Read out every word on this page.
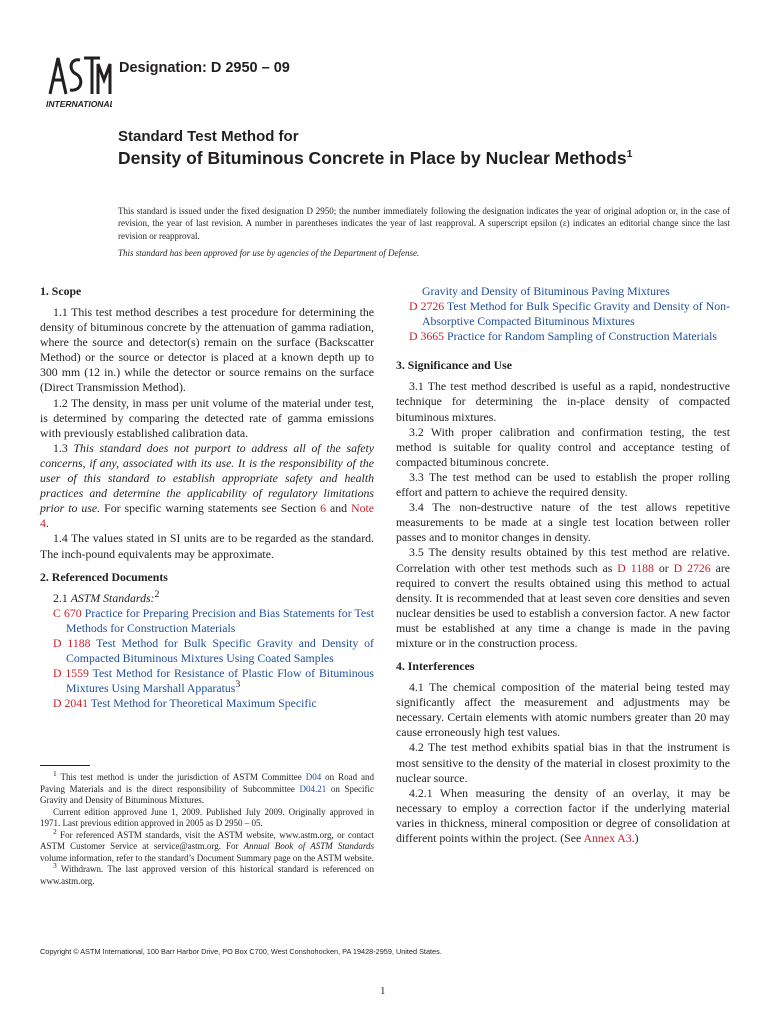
INTERNATIONAL
Designation: D 2950 – 09
Standard Test Method for
Density of Bituminous Concrete in Place by Nuclear Methods$^1$
This standard is issued under the fixed designation D 2950; the number immediately following the designation indicates the year of original adoption or, in the case of revision, the year of last revision. A number in parentheses indicates the year of last reapproval. A superscript epsilon (ε) indicates an editorial change since the last revision or reapproval.
This standard has been approved for use by agencies of the Department of Defense.
1. Scope

1.1 This test method describes a test procedure for determining the density of bituminous concrete by the attenuation of gamma radiation, where the source and detector(s) remain on the surface (Backscatter Method) or the source or detector is placed at a known depth up to 300 mm (12 in.) while the detector or source remains on the surface (Direct Transmission Method).

1.2 The density, in mass per unit volume of the material under test, is determined by comparing the detected rate of gamma emissions with previously established calibration data.

1.3 This standard does not purport to address all of the safety concerns, if any, associated with its use. It is the responsibility of the user of this standard to establish appropriate safety and health practices and determine the applicability of regulatory limitations prior to use. For specific warning statements see Section 6 and Note 4.

1.4 The values stated in SI units are to be regarded as the standard. The inch-pound equivalents may be approximate.

2. Referenced Documents

2.1 ASTM Standards:$^2$

C 670 Practice for Preparing Precision and Bias Statements for Test Methods for Construction Materials

D 1188 Test Method for Bulk Specific Gravity and Density of Compacted Bituminous Mixtures Using Coated Samples

D 1559 Test Method for Resistance of Plastic Flow of Bituminous Mixtures Using Marshall Apparatus$^3$

D 2041 Test Method for Theoretical Maximum Specific

$^1$ This test method is under the jurisdiction of ASTM Committee D04 on Road and Paving Materials and is the direct responsibility of Subcommittee D04.21 on Specific Gravity and Density of Bituminous Mixtures.

Current edition approved June 1, 2009. Published July 2009. Originally approved in 1971. Last previous edition approved in 2005 as D 2950 – 05.

$^2$ For referenced ASTM standards, visit the ASTM website, www.astm.org, or contact ASTM Customer Service at service@astm.org. For Annual Book of ASTM Standards volume information, refer to the standard’s Document Summary page on the ASTM website.

$^3$ Withdrawn. The last approved version of this historical standard is referenced on www.astm.org.

Gravity and Density of Bituminous Paving Mixtures

D 2726 Test Method for Bulk Specific Gravity and Density of Non-Absorptive Compacted Bituminous Mixtures

D 3665 Practice for Random Sampling of Construction Materials

3. Significance and Use

3.1 The test method described is useful as a rapid, nondestructive technique for determining the in-place density of compacted bituminous mixtures.

3.2 With proper calibration and confirmation testing, the test method is suitable for quality control and acceptance testing of compacted bituminous concrete.

3.3 The test method can be used to establish the proper rolling effort and pattern to achieve the required density.

3.4 The non-destructive nature of the test allows repetitive measurements to be made at a single test location between roller passes and to monitor changes in density.

3.5 The density results obtained by this test method are relative. Correlation with other test methods such as D 1188 or D 2726 are required to convert the results obtained using this method to actual density. It is recommended that at least seven core densities and seven nuclear densities be used to establish a conversion factor. A new factor must be established at any time a change is made in the paving mixture or in the construction process.

4. Interferences

4.1 The chemical composition of the material being tested may significantly affect the measurement and adjustments may be necessary. Certain elements with atomic numbers greater than 20 may cause erroneously high test values.

4.2 The test method exhibits spatial bias in that the instrument is most sensitive to the density of the material in closest proximity to the nuclear source.

4.2.1 When measuring the density of an overlay, it may be necessary to employ a correction factor if the underlying material varies in thickness, mineral composition or degree of consolidation at different points within the project. (See Annex A3.)

Copyright © ASTM International, 100 Barr Harbor Drive, PO Box C700, West Conshohocken, PA 19428-2959, United States.
1
